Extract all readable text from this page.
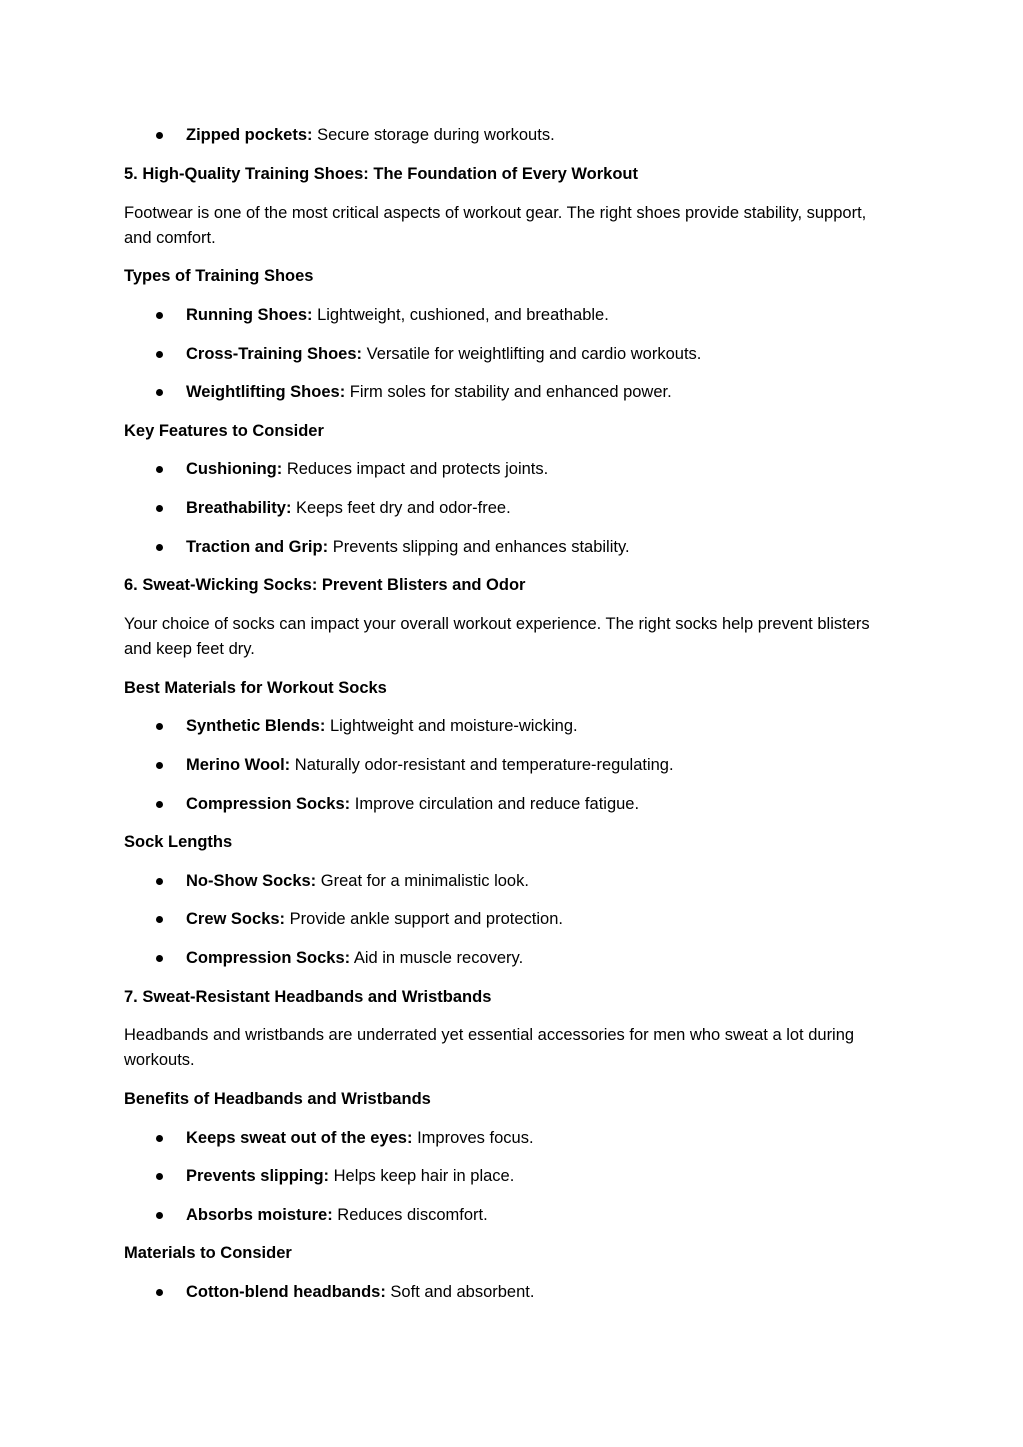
Zipped pockets: Secure storage during workouts.
5. High-Quality Training Shoes: The Foundation of Every Workout
Footwear is one of the most critical aspects of workout gear. The right shoes provide stability, support, and comfort.
Types of Training Shoes
Running Shoes: Lightweight, cushioned, and breathable.
Cross-Training Shoes: Versatile for weightlifting and cardio workouts.
Weightlifting Shoes: Firm soles for stability and enhanced power.
Key Features to Consider
Cushioning: Reduces impact and protects joints.
Breathability: Keeps feet dry and odor-free.
Traction and Grip: Prevents slipping and enhances stability.
6. Sweat-Wicking Socks: Prevent Blisters and Odor
Your choice of socks can impact your overall workout experience. The right socks help prevent blisters and keep feet dry.
Best Materials for Workout Socks
Synthetic Blends: Lightweight and moisture-wicking.
Merino Wool: Naturally odor-resistant and temperature-regulating.
Compression Socks: Improve circulation and reduce fatigue.
Sock Lengths
No-Show Socks: Great for a minimalistic look.
Crew Socks: Provide ankle support and protection.
Compression Socks: Aid in muscle recovery.
7. Sweat-Resistant Headbands and Wristbands
Headbands and wristbands are underrated yet essential accessories for men who sweat a lot during workouts.
Benefits of Headbands and Wristbands
Keeps sweat out of the eyes: Improves focus.
Prevents slipping: Helps keep hair in place.
Absorbs moisture: Reduces discomfort.
Materials to Consider
Cotton-blend headbands: Soft and absorbent.
